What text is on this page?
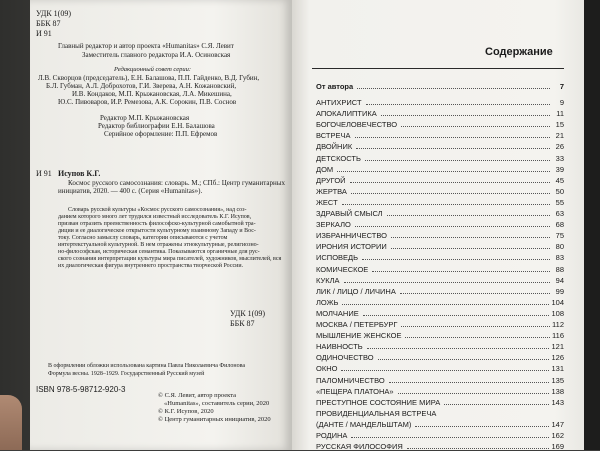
УДК 1(09)
ББК 87
И 91
Главный редактор и автор проекта «Humanitas» С.Я. Левит
Заместитель главного редактора И.А. Осиновская
Редакционный совет серии:
Л.В. Скворцов (председатель), Е.Н. Балашова, П.П. Гайденко, В.Д. Губин,
Б.Л. Губман, А.Л. Доброхотов, Г.И. Зверева, А.Н. Кожановский,
И.В. Кондаков, М.П. Крыжановская, Л.А. Микешина,
Ю.С. Пивоваров, И.Р. Ремезова, А.К. Сорокин, П.В. Соснов
Редактор М.П. Крыжановская
Редактор библиографии Е.Н. Балашова
Серийное оформление: П.П. Ефремов
И 91 Исупов К.Г.
Космос русского самосознания: словарь. М.; СПб.: Центр гуманитарных
инициатив, 2020. — 400 с. (Серия «Humanitas»).
Словарь русской культуры «Космос русского самосознания», над соз-
данием которого много лет трудился известный исследователь К.Г. Исупов,
призван отразить преемственность философско-культурной самобытной тра-
диции и ее диалогическое открытости культурному взаимному Западу и Вос-
току. Согласно замыслу словарь, категории описываются с учетом
интертекстуальной культурной. В нем отражены этнокультурные, религиозно-
но-философская, историческая семантика. Показываются органичные для рус-
ского сознания интерпретации культуры мира писателей, художников, мыслителей, вся
их диалогическая фигура внутреннего пространства творческой России.
УДК 1(09)
ББК 87
В оформлении обложки использована картина Павла Николаевича Филонова
Формула весны. 1928–1929. Государственный Русский музей
ISBN 978-5-98712-920-3
© С.Я. Левит, автор проекта
«Humanitas», составитель серии, 2020
© К.Г. Исупов, 2020
© Центр гуманитарных инициатив, 2020
Содержание
От автора	7
АНТИХРИСТ	9
АПОКАЛИПТИКА	11
БОГОЧЕЛОВЕЧЕСТВО	15
ВСТРЕЧА	21
ДВОЙНИК	26
ДЕТСКОСТЬ	33
ДОМ	39
ДРУГОЙ	45
ЖЕРТВА	50
ЖЕСТ	55
ЗДРАВЫЙ СМЫСЛ	63
ЗЕРКАЛО	68
ИЗБРАННИЧЕСТВО	75
ИРОНИЯ ИСТОРИИ	80
ИСПОВЕДЬ	83
КОМИЧЕСКОЕ	88
КУКЛА	94
ЛИК / ЛИЦО / ЛИЧИНА	99
ЛОЖЬ	104
МОЛЧАНИЕ	108
МОСКВА / ПЕТЕРБУРГ	112
МЫШЛЕНИЕ ЖЕНСКОЕ	116
НАИВНОСТЬ	121
ОДИНОЧЕСТВО	126
ОКНО	131
ПАЛОМНИЧЕСТВО	135
«ПЕЩЕРА ПЛАТОНА»	138
ПРЕСТУПНОЕ СОСТОЯНИЕ МИРА	143
ПРОВИДЕНЦИАЛЬНАЯ ВСТРЕЧА
(ДАНТЕ / МАНДЕЛЬШТАМ)	147
РОДИНА	162
РУССКАЯ ФИЛОСОФИЯ	169
